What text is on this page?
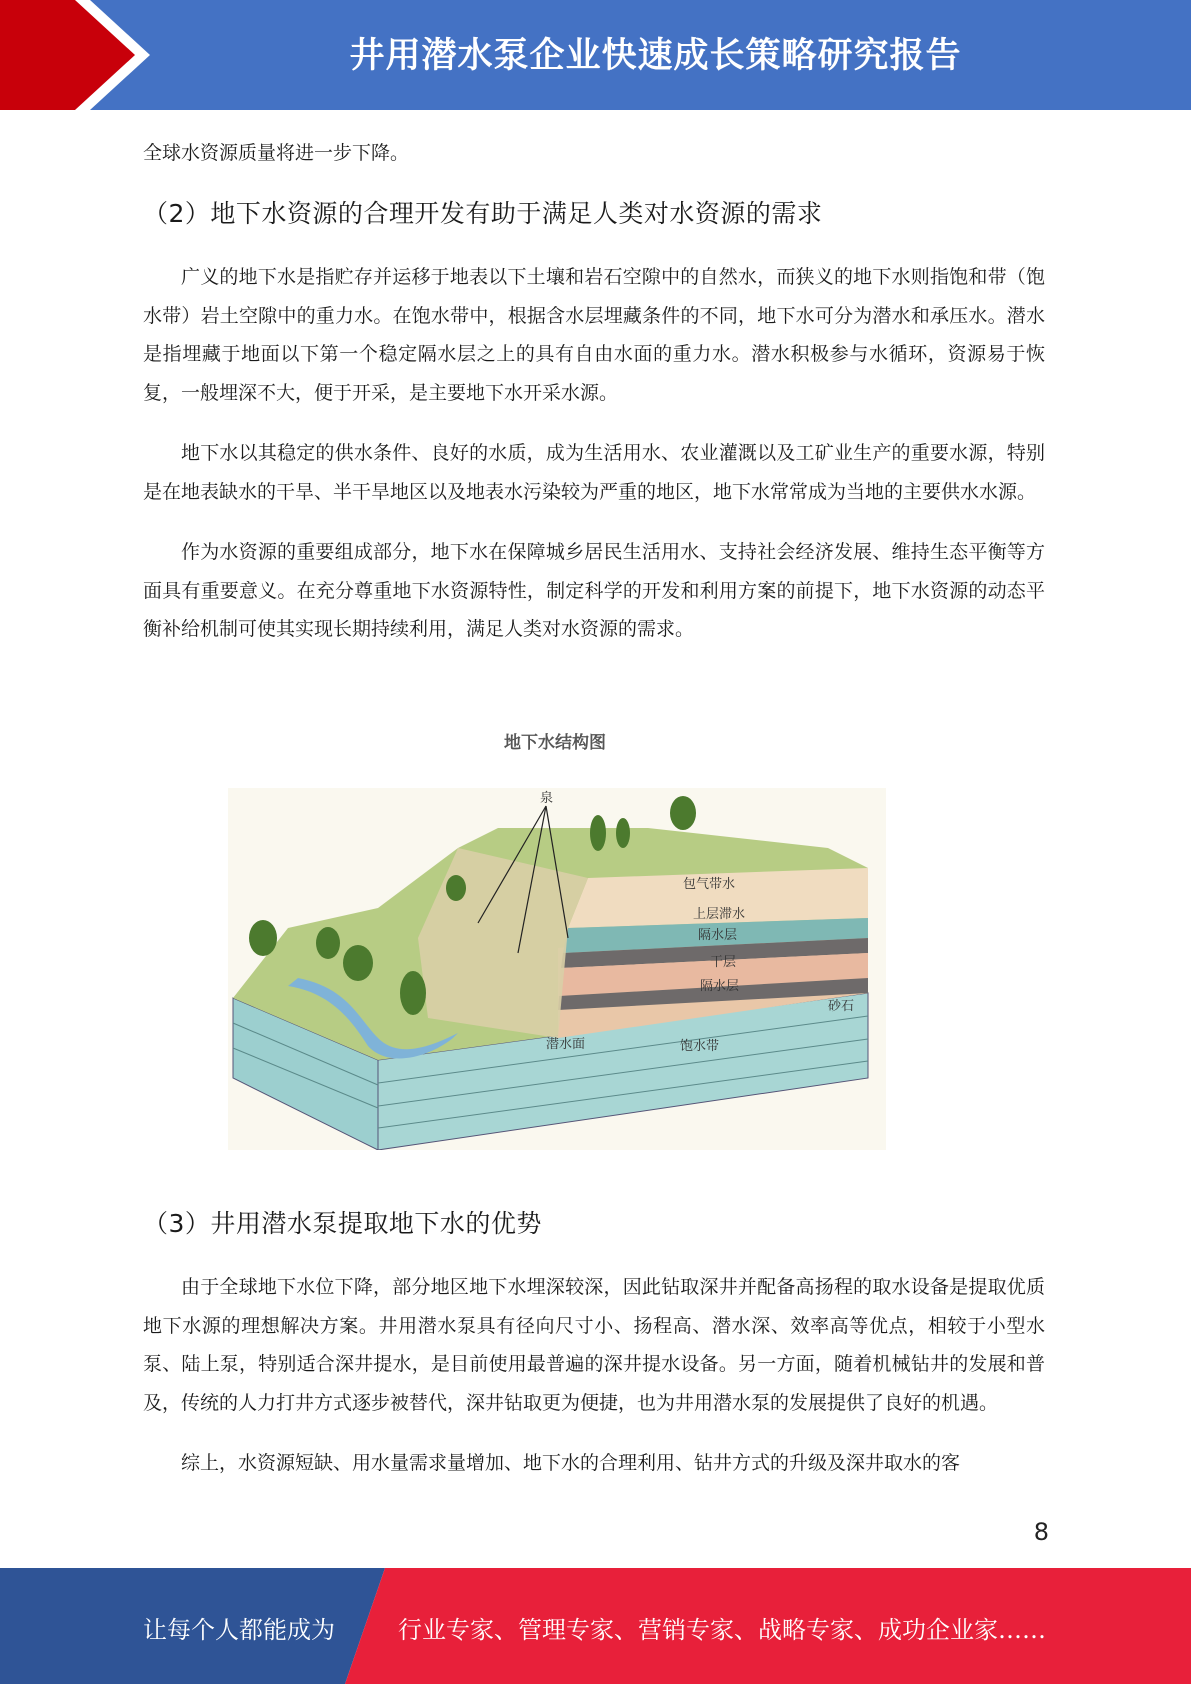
井用潜水泵企业快速成长策略研究报告

全球水资源质量将进一步下降。

（2）地下水资源的合理开发有助于满足人类对水资源的需求

广义的地下水是指贮存并运移于地表以下土壤和岩石空隙中的自然水，而狭义的地下水则指饱和带（饱水带）岩土空隙中的重力水。在饱水带中，根据含水层埋藏条件的不同，地下水可分为潜水和承压水。潜水是指埋藏于地面以下第一个稳定隔水层之上的具有自由水面的重力水。潜水积极参与水循环，资源易于恢复，一般埋深不大，便于开采，是主要地下水开采水源。

地下水以其稳定的供水条件、良好的水质，成为生活用水、农业灌溉以及工矿业生产的重要水源，特别是在地表缺水的干旱、半干旱地区以及地表水污染较为严重的地区，地下水常常成为当地的主要供水水源。

作为水资源的重要组成部分，地下水在保障城乡居民生活用水、支持社会经济发展、维持生态平衡等方面具有重要意义。在充分尊重地下水资源特性，制定科学的开发和利用方案的前提下，地下水资源的动态平衡补给机制可使其实现长期持续利用，满足人类对水资源的需求。

地下水结构图
泉
包气带水
上层滞水
隔水层
干层
隔水层
砂石
潜水面	饱水带
（3）井用潜水泵提取地下水的优势

由于全球地下水位下降，部分地区地下水埋深较深，因此钻取深井并配备高扬程的取水设备是提取优质地下水源的理想解决方案。井用潜水泵具有径向尺寸小、扬程高、潜水深、效率高等优点，相较于小型水泵、陆上泵，特别适合深井提水，是目前使用最普遍的深井提水设备。另一方面，随着机械钻井的发展和普及，传统的人力打井方式逐步被替代，深井钻取更为便捷，也为井用潜水泵的发展提供了良好的机遇。

综上，水资源短缺、用水量需求量增加、地下水的合理利用、钻井方式的升级及深井取水的客

8
让每个人都能成为	行业专家、管理专家、营销专家、战略专家、成功企业家……
